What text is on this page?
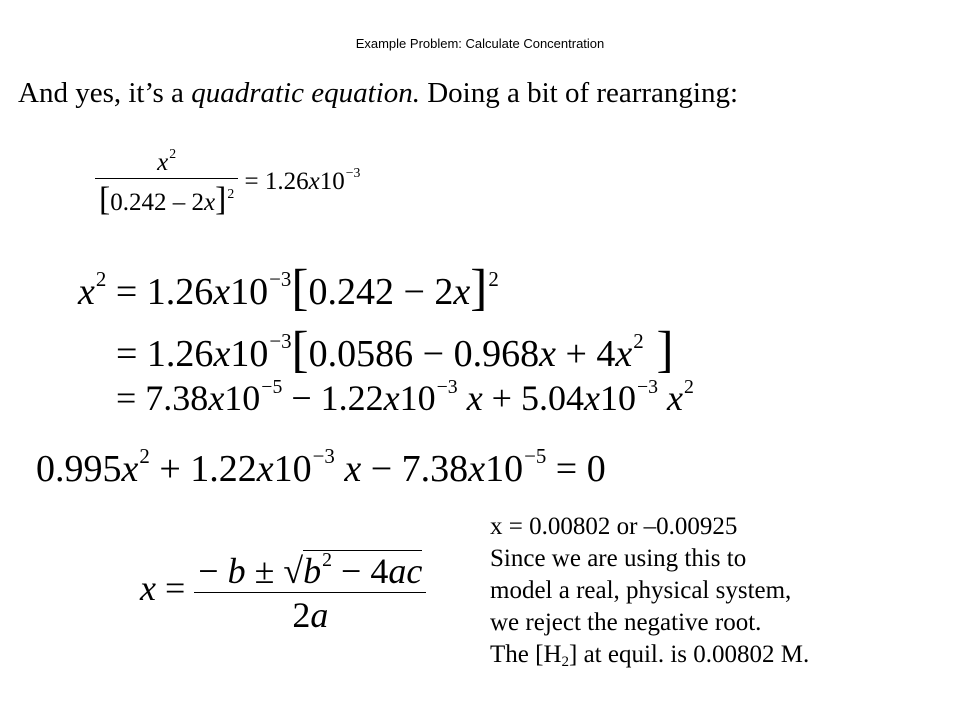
Example Problem: Calculate Concentration
And yes, it’s a quadratic equation. Doing a bit of rearranging:
$\frac{x^2}{[0.242 - 2x]^2} = 1.26x10^{-3}$
$x^2 = 1.26x10^{-3}[0.242 - 2x]^2$
= $1.26x10^{-3}[0.0586 - 0.968x + 4x^2$ ]
= $7.38x10^{-5} - 1.22x10^{-3}$ $x + 5.04x10^{-3}$ $x^2$
$0.995x^2 + 1.22x10^{-3}$ $x - 7.38x10^{-5} = 0$
$x = \frac{- b \pm √b^2 - 4ac}{2a}$
x = 0.00802 or –0.00925
Since we are using this to
model a real, physical system,
we reject the negative root.
The $[H_2]$ at equil. is 0.00802 M.
